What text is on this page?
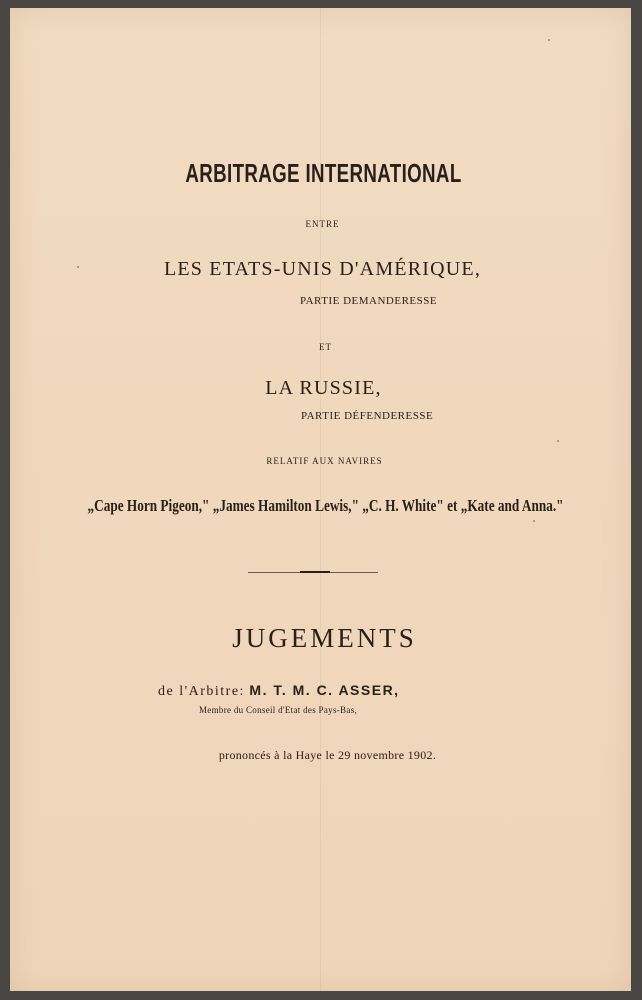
ARBITRAGE INTERNATIONAL
ENTRE
LES ETATS-UNIS D'AMÉRIQUE,
PARTIE DEMANDERESSE
ET
LA RUSSIE,
PARTIE DÉFENDERESSE
RELATIF AUX NAVIRES
„Cape Horn Pigeon," „James Hamilton Lewis," „C. H. White" et „Kate and Anna."
JUGEMENTS
de l'Arbitre: M. T. M. C. ASSER,
Membre du Conseil d'Etat des Pays-Bas,
prononcés à la Haye le 29 novembre 1902.
